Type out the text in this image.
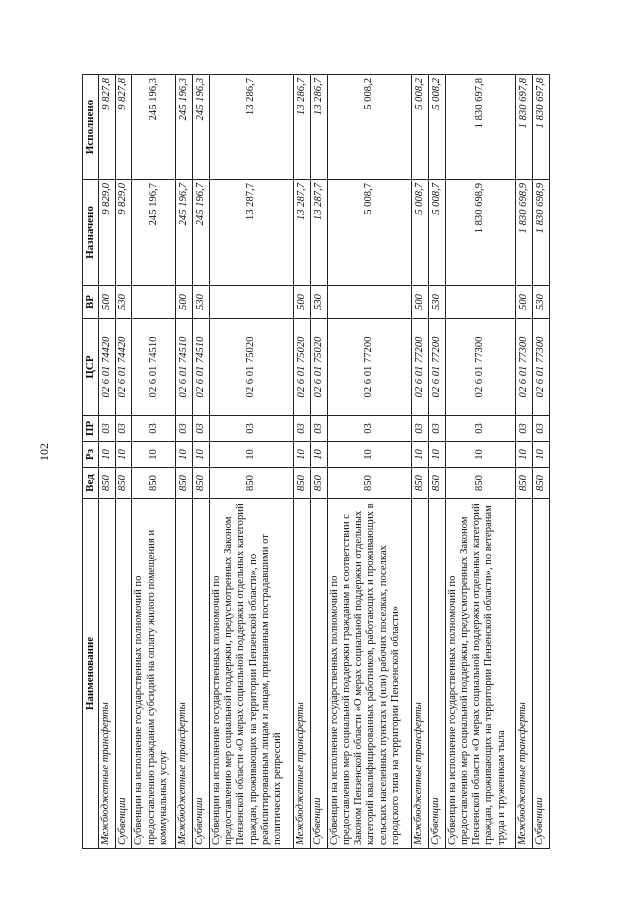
102
Наименование	Вед	Рз	ПР	ЦСР	ВР	Назначено	Исполнено
Межбюджетные трансферты	850	10	03	02 6 01 74420	500	9 829,0	9 827,8
Субвенции	850	10	03	02 6 01 74420	530	9 829,0	9 827,8
Субвенции на исполнение государственных полномочий по предоставлению гражданам субсидий на оплату жилого помещения и коммунальных услуг	850	10	03	02 6 01 74510		245 196,7	245 196,3
Межбюджетные трансферты	850	10	03	02 6 01 74510	500	245 196,7	245 196,3
Субвенции	850	10	03	02 6 01 74510	530	245 196,7	245 196,3
Субвенции на исполнение государственных полномочий по предоставлению мер социальной поддержки, предусмотренных Законом Пензенской области «О мерах социальной поддержки отдельных категорий граждан, проживающих на территории Пензенской области», по реабилитированным лицам и лицам, признанным пострадавшими от политических репрессий	850	10	03	02 6 01 75020		13 287,7	13 286,7
Межбюджетные трансферты	850	10	03	02 6 01 75020	500	13 287,7	13 286,7
Субвенции	850	10	03	02 6 01 75020	530	13 287,7	13 286,7
Субвенции на исполнение государственных полномочий по предоставлению мер социальной поддержки гражданам в соответствии с Законом Пензенской области «О мерах социальной поддержки отдельных категорий квалифицированных работников, работающих и проживающих в сельских населенных пунктах и (или) рабочих поселках, поселках городского типа на территории Пензенской области»	850	10	03	02 6 01 77200		5 008,7	5 008,2
Межбюджетные трансферты	850	10	03	02 6 01 77200	500	5 008,7	5 008,2
Субвенции	850	10	03	02 6 01 77200	530	5 008,7	5 008,2
Субвенции на исполнение государственных полномочий по предоставлению мер социальной поддержки, предусмотренных Законом Пензенской области «О мерах социальной поддержки отдельных категорий граждан, проживающих на территории Пензенской области», по ветеранам труда и труженикам тыла	850	10	03	02 6 01 77300		1 830 698,9	1 830 697,8
Межбюджетные трансферты	850	10	03	02 6 01 77300	500	1 830 698,9	1 830 697,8
Субвенции	850	10	03	02 6 01 77300	530	1 830 698,9	1 830 697,8
